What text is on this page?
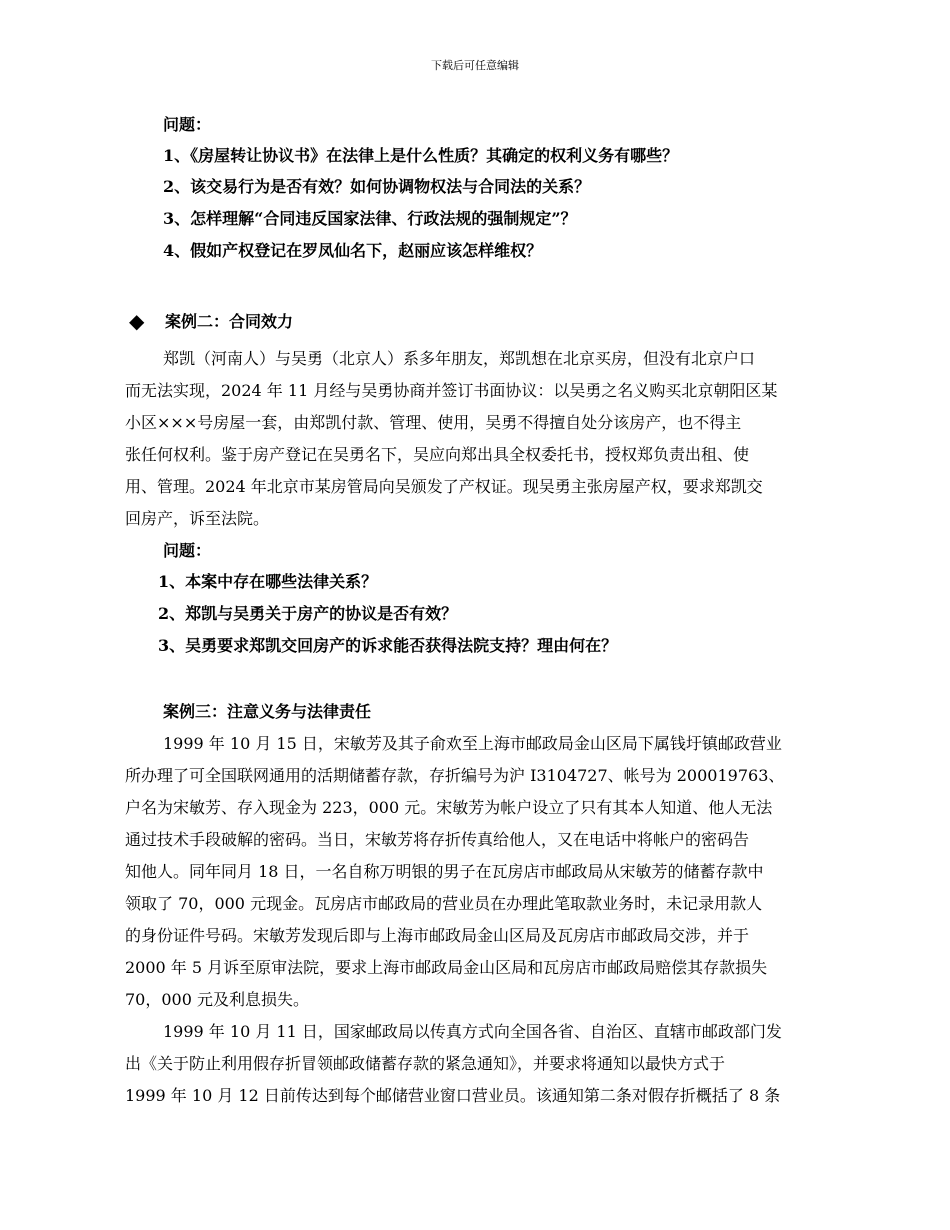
下载后可任意编辑
问题：
1、《房屋转让协议书》在法律上是什么性质？其确定的权利义务有哪些？
2、该交易行为是否有效？如何协调物权法与合同法的关系？
3、怎样理解“合同违反国家法律、行政法规的强制规定”？
4、假如产权登记在罗凤仙名下，赵丽应该怎样维权？
◆ 案例二：合同效力
郑凯（河南人）与吴勇（北京人）系多年朋友，郑凯想在北京买房，但没有北京户口
而无法实现，2024 年 11 月经与吴勇协商并签订书面协议：以吴勇之名义购买北京朝阳区某
小区×××号房屋一套，由郑凯付款、管理、使用，吴勇不得擅自处分该房产，也不得主
张任何权利。鉴于房产登记在吴勇名下，吴应向郑出具全权委托书，授权郑负责出租、使
用、管理。2024 年北京市某房管局向吴颁发了产权证。现吴勇主张房屋产权，要求郑凯交
回房产，诉至法院。
问题：
1、本案中存在哪些法律关系？
2、郑凯与吴勇关于房产的协议是否有效？
3、吴勇要求郑凯交回房产的诉求能否获得法院支持？理由何在？
案例三：注意义务与法律责任
1999 年 10 月 15 日，宋敏芳及其子俞欢至上海市邮政局金山区局下属钱圩镇邮政营业
所办理了可全国联网通用的活期储蓄存款，存折编号为沪 I3104727、帐号为 200019763、
户名为宋敏芳、存入现金为 223，000 元。宋敏芳为帐户设立了只有其本人知道、他人无法
通过技术手段破解的密码。当日，宋敏芳将存折传真给他人，又在电话中将帐户的密码告
知他人。同年同月 18 日，一名自称万明银的男子在瓦房店市邮政局从宋敏芳的储蓄存款中
领取了 70，000 元现金。瓦房店市邮政局的营业员在办理此笔取款业务时，未记录用款人
的身份证件号码。宋敏芳发现后即与上海市邮政局金山区局及瓦房店市邮政局交涉，并于
2000 年 5 月诉至原审法院，要求上海市邮政局金山区局和瓦房店市邮政局赔偿其存款损失
70，000 元及利息损失。
1999 年 10 月 11 日，国家邮政局以传真方式向全国各省、自治区、直辖市邮政部门发
出《关于防止利用假存折冒领邮政储蓄存款的紧急通知》，并要求将通知以最快方式于
1999 年 10 月 12 日前传达到每个邮储营业窗口营业员。该通知第二条对假存折概括了 8 条
